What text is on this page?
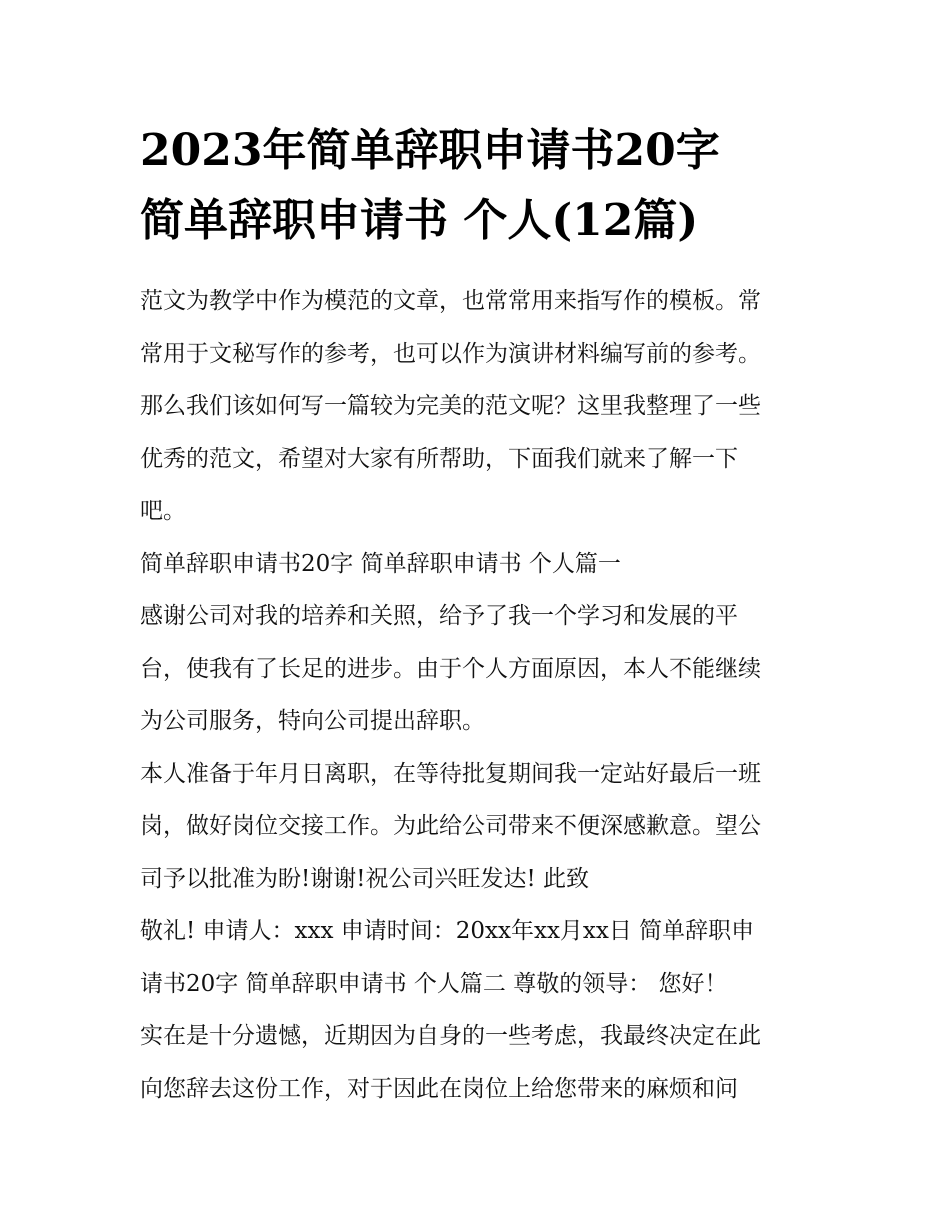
2023年简单辞职申请书20字
简单辞职申请书 个人(12篇)
范文为教学中作为模范的文章，也常常用来指写作的模板。常
常用于文秘写作的参考，也可以作为演讲材料编写前的参考。
那么我们该如何写一篇较为完美的范文呢？这里我整理了一些
优秀的范文，希望对大家有所帮助，下面我们就来了解一下
吧。
简单辞职申请书20字 简单辞职申请书 个人篇一
感谢公司对我的培养和关照，给予了我一个学习和发展的平
台，使我有了长足的进步。由于个人方面原因，本人不能继续
为公司服务，特向公司提出辞职。
本人准备于年月日离职，在等待批复期间我一定站好最后一班
岗，做好岗位交接工作。为此给公司带来不便深感歉意。望公
司予以批准为盼!谢谢!祝公司兴旺发达! 此致
敬礼! 申请人：xxx 申请时间：20xx年xx月xx日 简单辞职申
请书20字 简单辞职申请书 个人篇二 尊敬的领导： 您好！
实在是十分遗憾，近期因为自身的一些考虑，我最终决定在此
向您辞去这份工作，对于因此在岗位上给您带来的麻烦和问
